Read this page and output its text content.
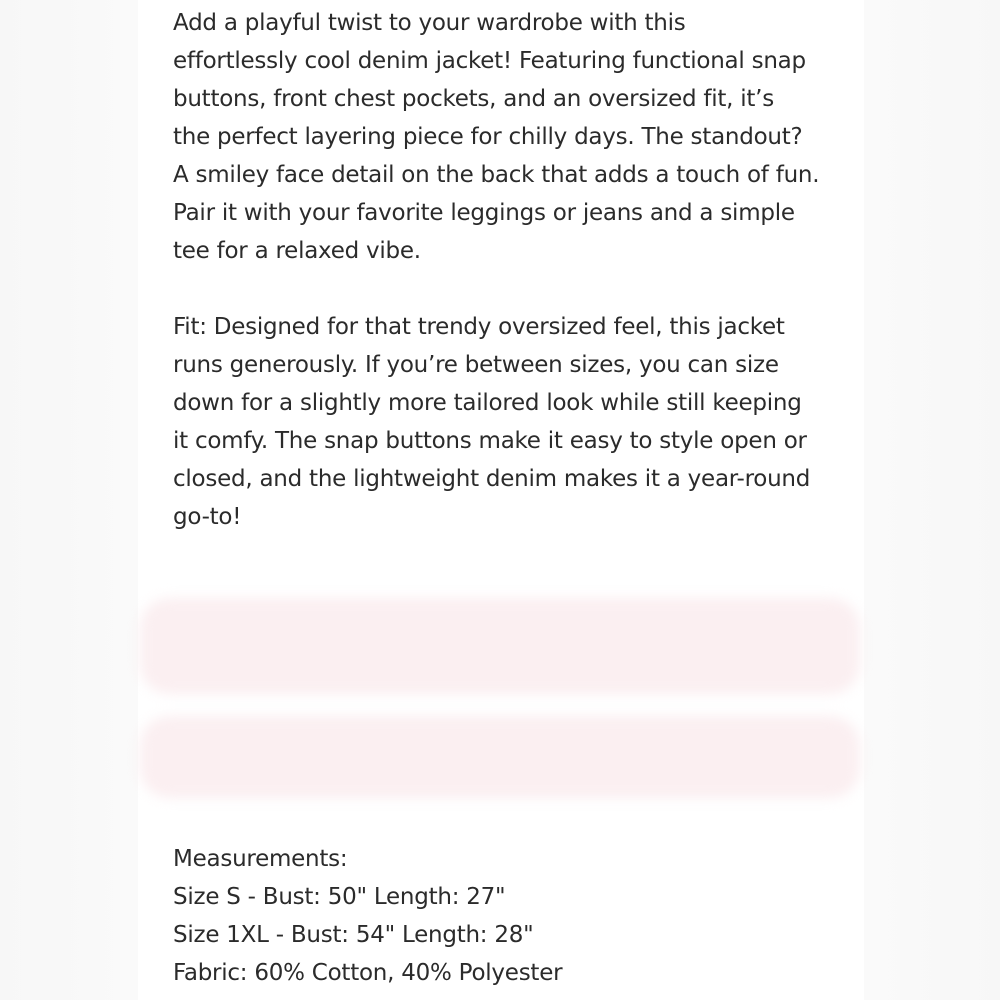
Add a playful twist to your wardrobe with this
effortlessly cool denim jacket! Featuring functional snap
buttons, front chest pockets, and an oversized fit, it’s
the perfect layering piece for chilly days. The standout?
A smiley face detail on the back that adds a touch of fun.
Pair it with your favorite leggings or jeans and a simple
tee for a relaxed vibe.

Fit: Designed for that trendy oversized feel, this jacket
runs generously. If you’re between sizes, you can size
down for a slightly more tailored look while still keeping
it comfy. The snap buttons make it easy to style open or
closed, and the lightweight denim makes it a year-round
go-to!

Measurements:
Size S - Bust: 50" Length: 27"
Size 1XL - Bust: 54" Length: 28"
Fabric: 60% Cotton, 40% Polyester
